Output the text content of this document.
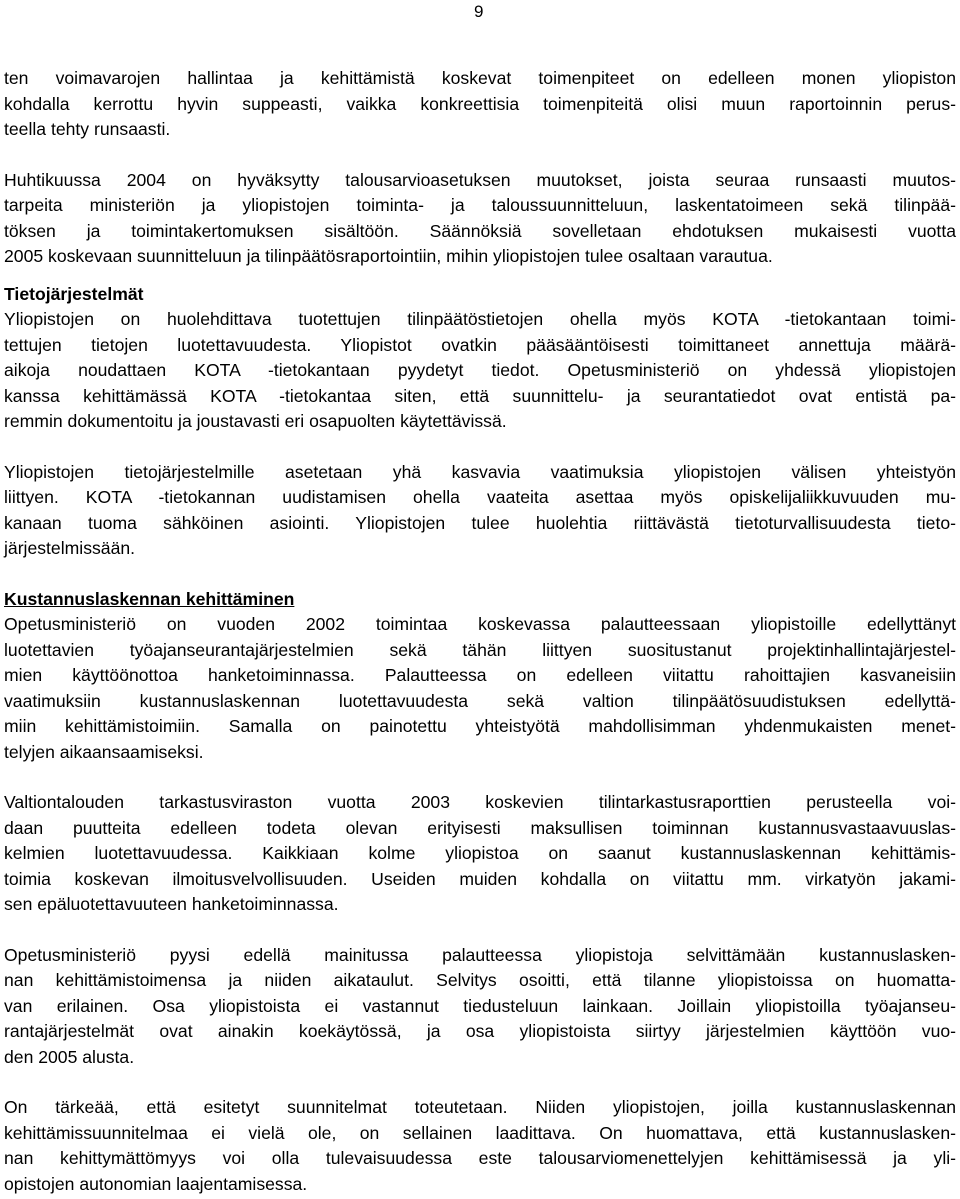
9

ten voimavarojen hallintaa ja kehittämistä koskevat toimenpiteet on edelleen monen yliopiston
kohdalla kerrottu hyvin suppeasti, vaikka konkreettisia toimenpiteitä olisi muun raportoinnin perus-
teella tehty runsaasti.

Huhtikuussa 2004 on hyväksytty talousarvioasetuksen muutokset, joista seuraa runsaasti muutos-
tarpeita ministeriön ja yliopistojen toiminta- ja taloussuunnitteluun, laskentatoimeen sekä tilinpää-
töksen ja toimintakertomuksen sisältöön. Säännöksiä sovelletaan ehdotuksen mukaisesti vuotta
2005 koskevaan suunnitteluun ja tilinpäätösraportointiin, mihin yliopistojen tulee osaltaan varautua.

Tietojärjestelmät
Yliopistojen on huolehdittava tuotettujen tilinpäätöstietojen ohella myös KOTA -tietokantaan toimi-
tettujen tietojen luotettavuudesta. Yliopistot ovatkin pääsääntöisesti toimittaneet annettuja määrä-
aikoja noudattaen KOTA -tietokantaan pyydetyt tiedot. Opetusministeriö on yhdessä yliopistojen
kanssa kehittämässä KOTA -tietokantaa siten, että suunnittelu- ja seurantatiedot ovat entistä pa-
remmin dokumentoitu ja joustavasti eri osapuolten käytettävissä.

Yliopistojen tietojärjestelmille asetetaan yhä kasvavia vaatimuksia yliopistojen välisen yhteistyön
liittyen. KOTA -tietokannan uudistamisen ohella vaateita asettaa myös opiskelijaliikkuvuuden mu-
kanaan tuoma sähköinen asiointi. Yliopistojen tulee huolehtia riittävästä tietoturvallisuudesta tieto-
järjestelmissään.

Kustannuslaskennan kehittäminen
Opetusministeriö on vuoden 2002 toimintaa koskevassa palautteessaan yliopistoille edellyttänyt
luotettavien työajanseurantajärjestelmien sekä tähän liittyen suositustanut projektinhallintajärjestel-
mien käyttöönottoa hanketoiminnassa. Palautteessa on edelleen viitattu rahoittajien kasvaneisiin
vaatimuksiin kustannuslaskennan luotettavuudesta sekä valtion tilinpäätösuudistuksen edellyttä-
miin kehittämistoimiin. Samalla on painotettu yhteistyötä mahdollisimman yhdenmukaisten menet-
telyjen aikaansaamiseksi.

Valtiontalouden tarkastusviraston vuotta 2003 koskevien tilintarkastusraporttien perusteella voi-
daan puutteita edelleen todeta olevan erityisesti maksullisen toiminnan kustannusvastaavuuslas-
kelmien luotettavuudessa. Kaikkiaan kolme yliopistoa on saanut kustannuslaskennan kehittämis-
toimia koskevan ilmoitusvelvollisuuden. Useiden muiden kohdalla on viitattu mm. virkatyön jakami-
sen epäluotettavuuteen hanketoiminnassa.

Opetusministeriö pyysi edellä mainitussa palautteessa yliopistoja selvittämään kustannuslasken-
nan kehittämistoimensa ja niiden aikataulut. Selvitys osoitti, että tilanne yliopistoissa on huomatta-
van erilainen. Osa yliopistoista ei vastannut tiedusteluun lainkaan. Joillain yliopistoilla työajanseu-
rantajärjestelmät ovat ainakin koekäytössä, ja osa yliopistoista siirtyy järjestelmien käyttöön vuo-
den 2005 alusta.

On tärkeää, että esitetyt suunnitelmat toteutetaan. Niiden yliopistojen, joilla kustannuslaskennan
kehittämissuunnitelmaa ei vielä ole, on sellainen laadittava. On huomattava, että kustannuslasken-
nan kehittymättömyys voi olla tulevaisuudessa este talousarviomenettelyjen kehittämisessä ja yli-
opistojen autonomian laajentamisessa.
